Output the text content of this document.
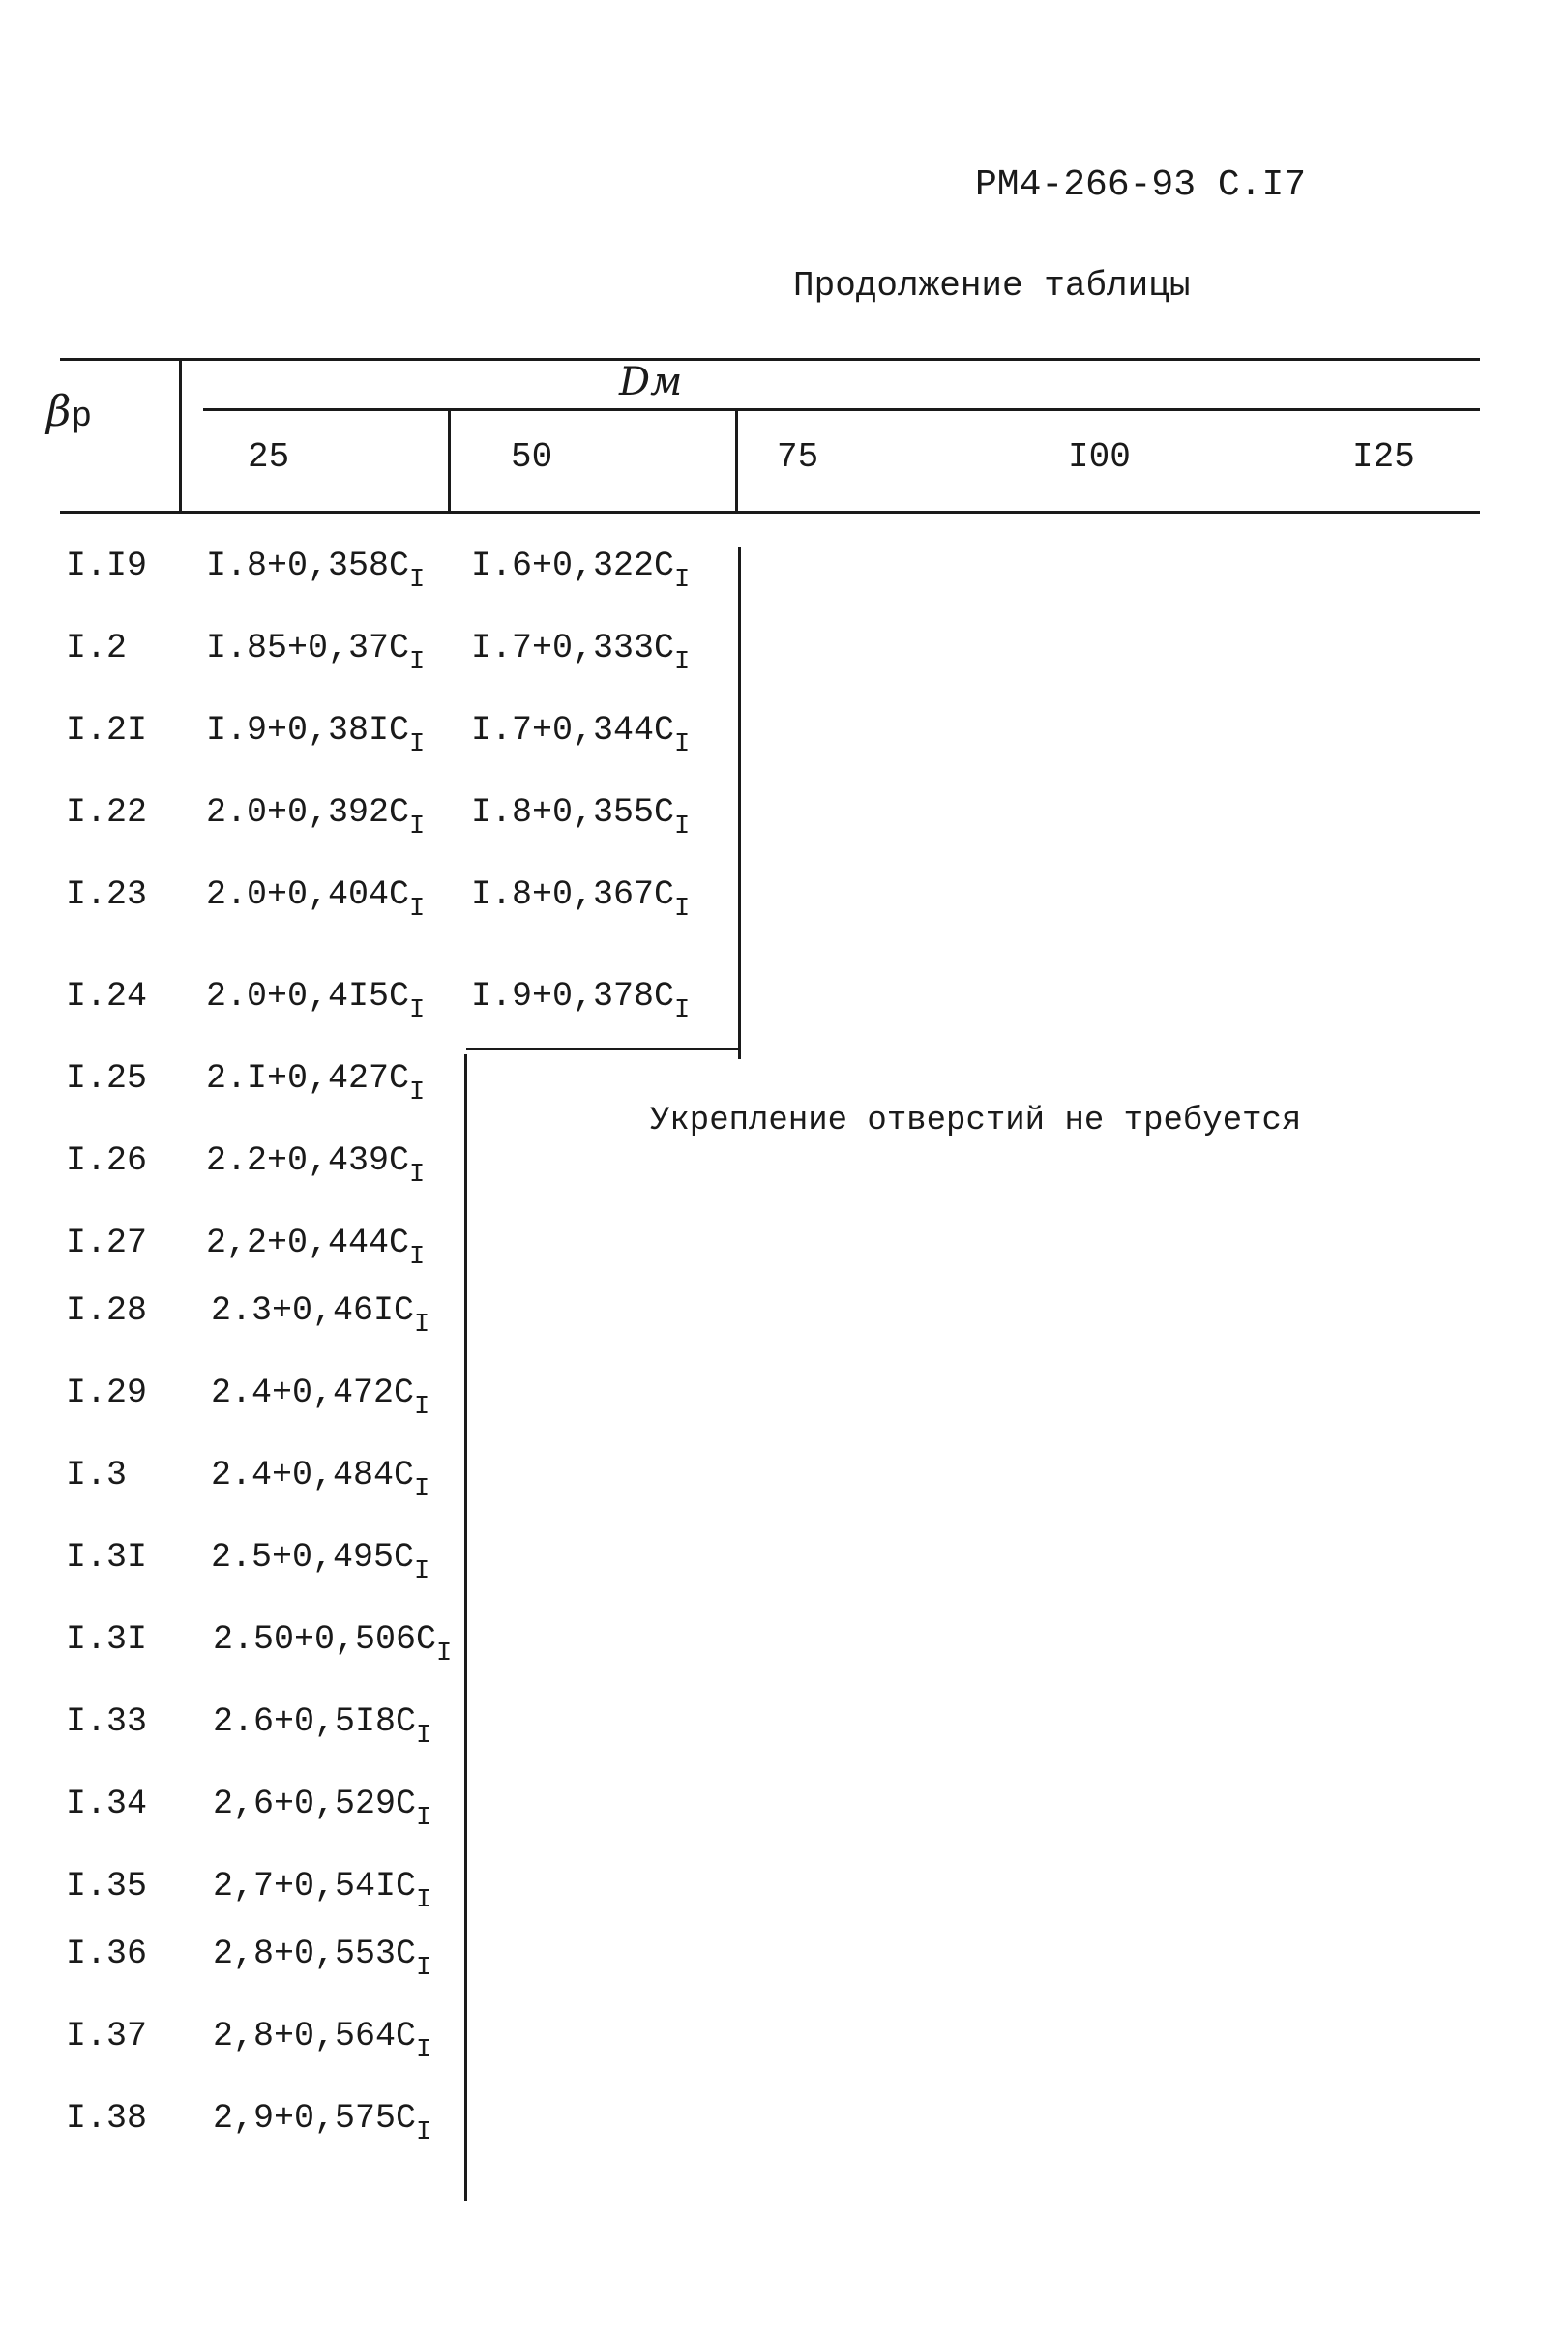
РМ4-266-93 С.I7
Продолжение таблицы
βр
Dм
25	50	75	I00	I25
I.I9 $I.8+0,358C_I$ $I.6+0,322C_I$
I.2 $I.85+0,37C_I$ $I.7+0,333C_I$
I.2I $I.9+0,38IC_I$ $I.7+0,344C_I$
I.22 $2.0+0,392C_I$ $I.8+0,355C_I$
I.23 $2.0+0,404C_I$ $I.8+0,367C_I$
I.24 $2.0+0,4I5C_I$ $I.9+0,378C_I$
I.25 $2.I+0,427C_I$
I.26 $2.2+0,439C_I$
I.27 $2,2+0,444C_I$
I.28 $2.3+0,46IC_I$
I.29 $2.4+0,472C_I$
I.3 $2.4+0,484C_I$
I.3I $2.5+0,495C_I$
I.3I $2.50+0,506C_I$
I.33 $2.6+0,5I8C_I$
I.34 $2,6+0,529C_I$
I.35 $2,7+0,54IC_I$
I.36 $2,8+0,553C_I$
I.37 $2,8+0,564C_I$
I.38 $2,9+0,575C_I$
Укрепление отверстий не требуется
